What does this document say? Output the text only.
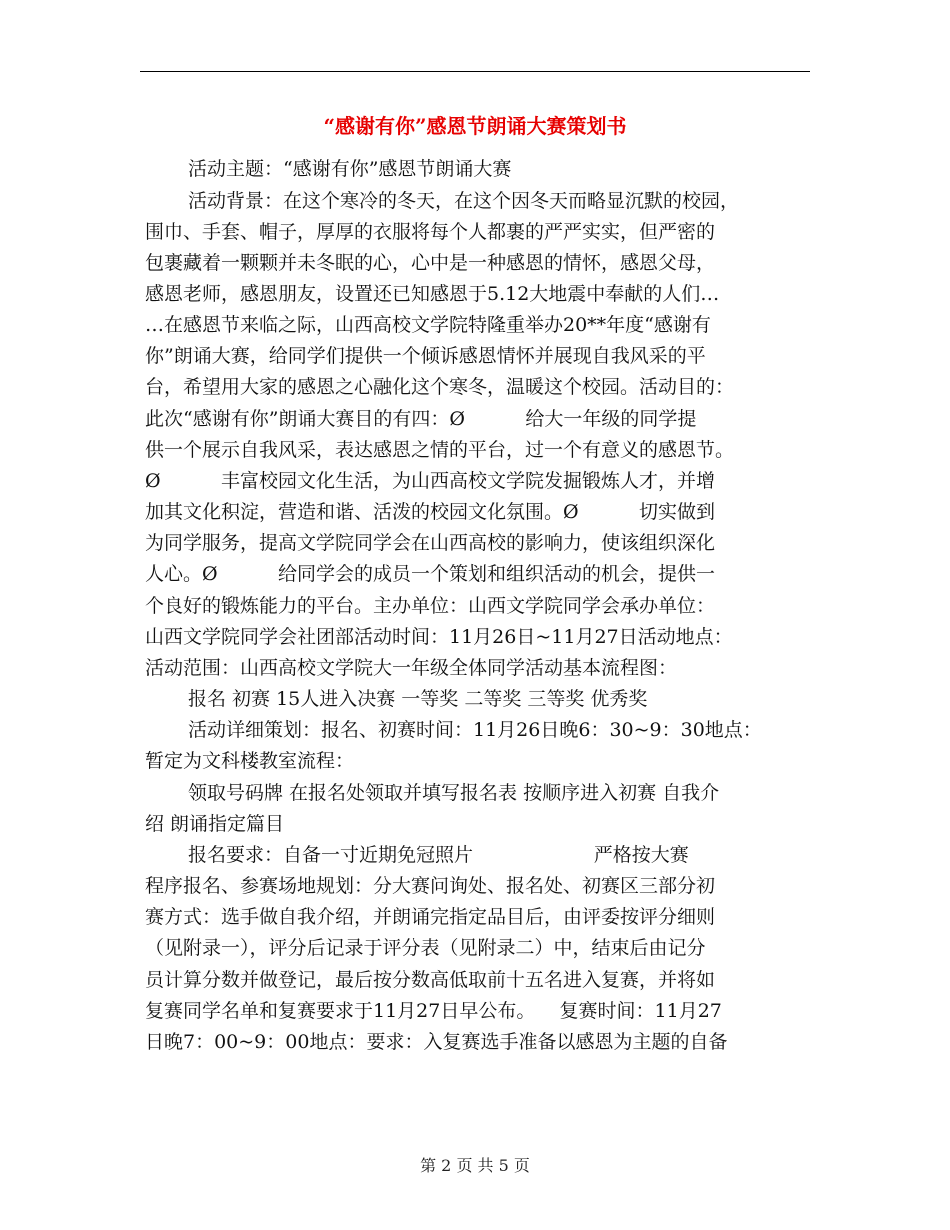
“感谢有你”感恩节朗诵大赛策划书
活动主题：“感谢有你”感恩节朗诵大赛
活动背景：在这个寒冷的冬天，在这个因冬天而略显沉默的校园，
围巾、手套、帽子，厚厚的衣服将每个人都裹的严严实实，但严密的
包裹藏着一颗颗并未冬眠的心，心中是一种感恩的情怀，感恩父母，
感恩老师，感恩朋友，设置还已知感恩于5.12大地震中奉献的人们…
…在感恩节来临之际，山西高校文学院特隆重举办20**年度“感谢有
你”朗诵大赛，给同学们提供一个倾诉感恩情怀并展现自我风采的平
台，希望用大家的感恩之心融化这个寒冬，温暖这个校园。活动目的：
此次“感谢有你”朗诵大赛目的有四：Ø          给大一年级的同学提
供一个展示自我风采，表达感恩之情的平台，过一个有意义的感恩节。
Ø          丰富校园文化生活，为山西高校文学院发掘锻炼人才，并增
加其文化积淀，营造和谐、活泼的校园文化氛围。Ø          切实做到
为同学服务，提高文学院同学会在山西高校的影响力，使该组织深化
人心。Ø          给同学会的成员一个策划和组织活动的机会，提供一
个良好的锻炼能力的平台。主办单位：山西文学院同学会承办单位：
山西文学院同学会社团部活动时间：11月26日~11月27日活动地点：
活动范围：山西高校文学院大一年级全体同学活动基本流程图：
报名 初赛 15人进入决赛 一等奖 二等奖 三等奖 优秀奖
活动详细策划：报名、初赛时间：11月26日晚6：30~9：30地点：
暂定为文科楼教室流程：
领取号码牌 在报名处领取并填写报名表 按顺序进入初赛 自我介
绍 朗诵指定篇目
报名要求：自备一寸近期免冠照片                    严格按大赛
程序报名、参赛场地规划：分大赛问询处、报名处、初赛区三部分初
赛方式：选手做自我介绍，并朗诵完指定品目后，由评委按评分细则
（见附录一），评分后记录于评分表（见附录二）中，结束后由记分
员计算分数并做登记，最后按分数高低取前十五名进入复赛，并将如
复赛同学名单和复赛要求于11月27日早公布。    复赛时间：11月27
日晚7：00~9：00地点：要求：入复赛选手准备以感恩为主题的自备
第 2 页 共 5 页
